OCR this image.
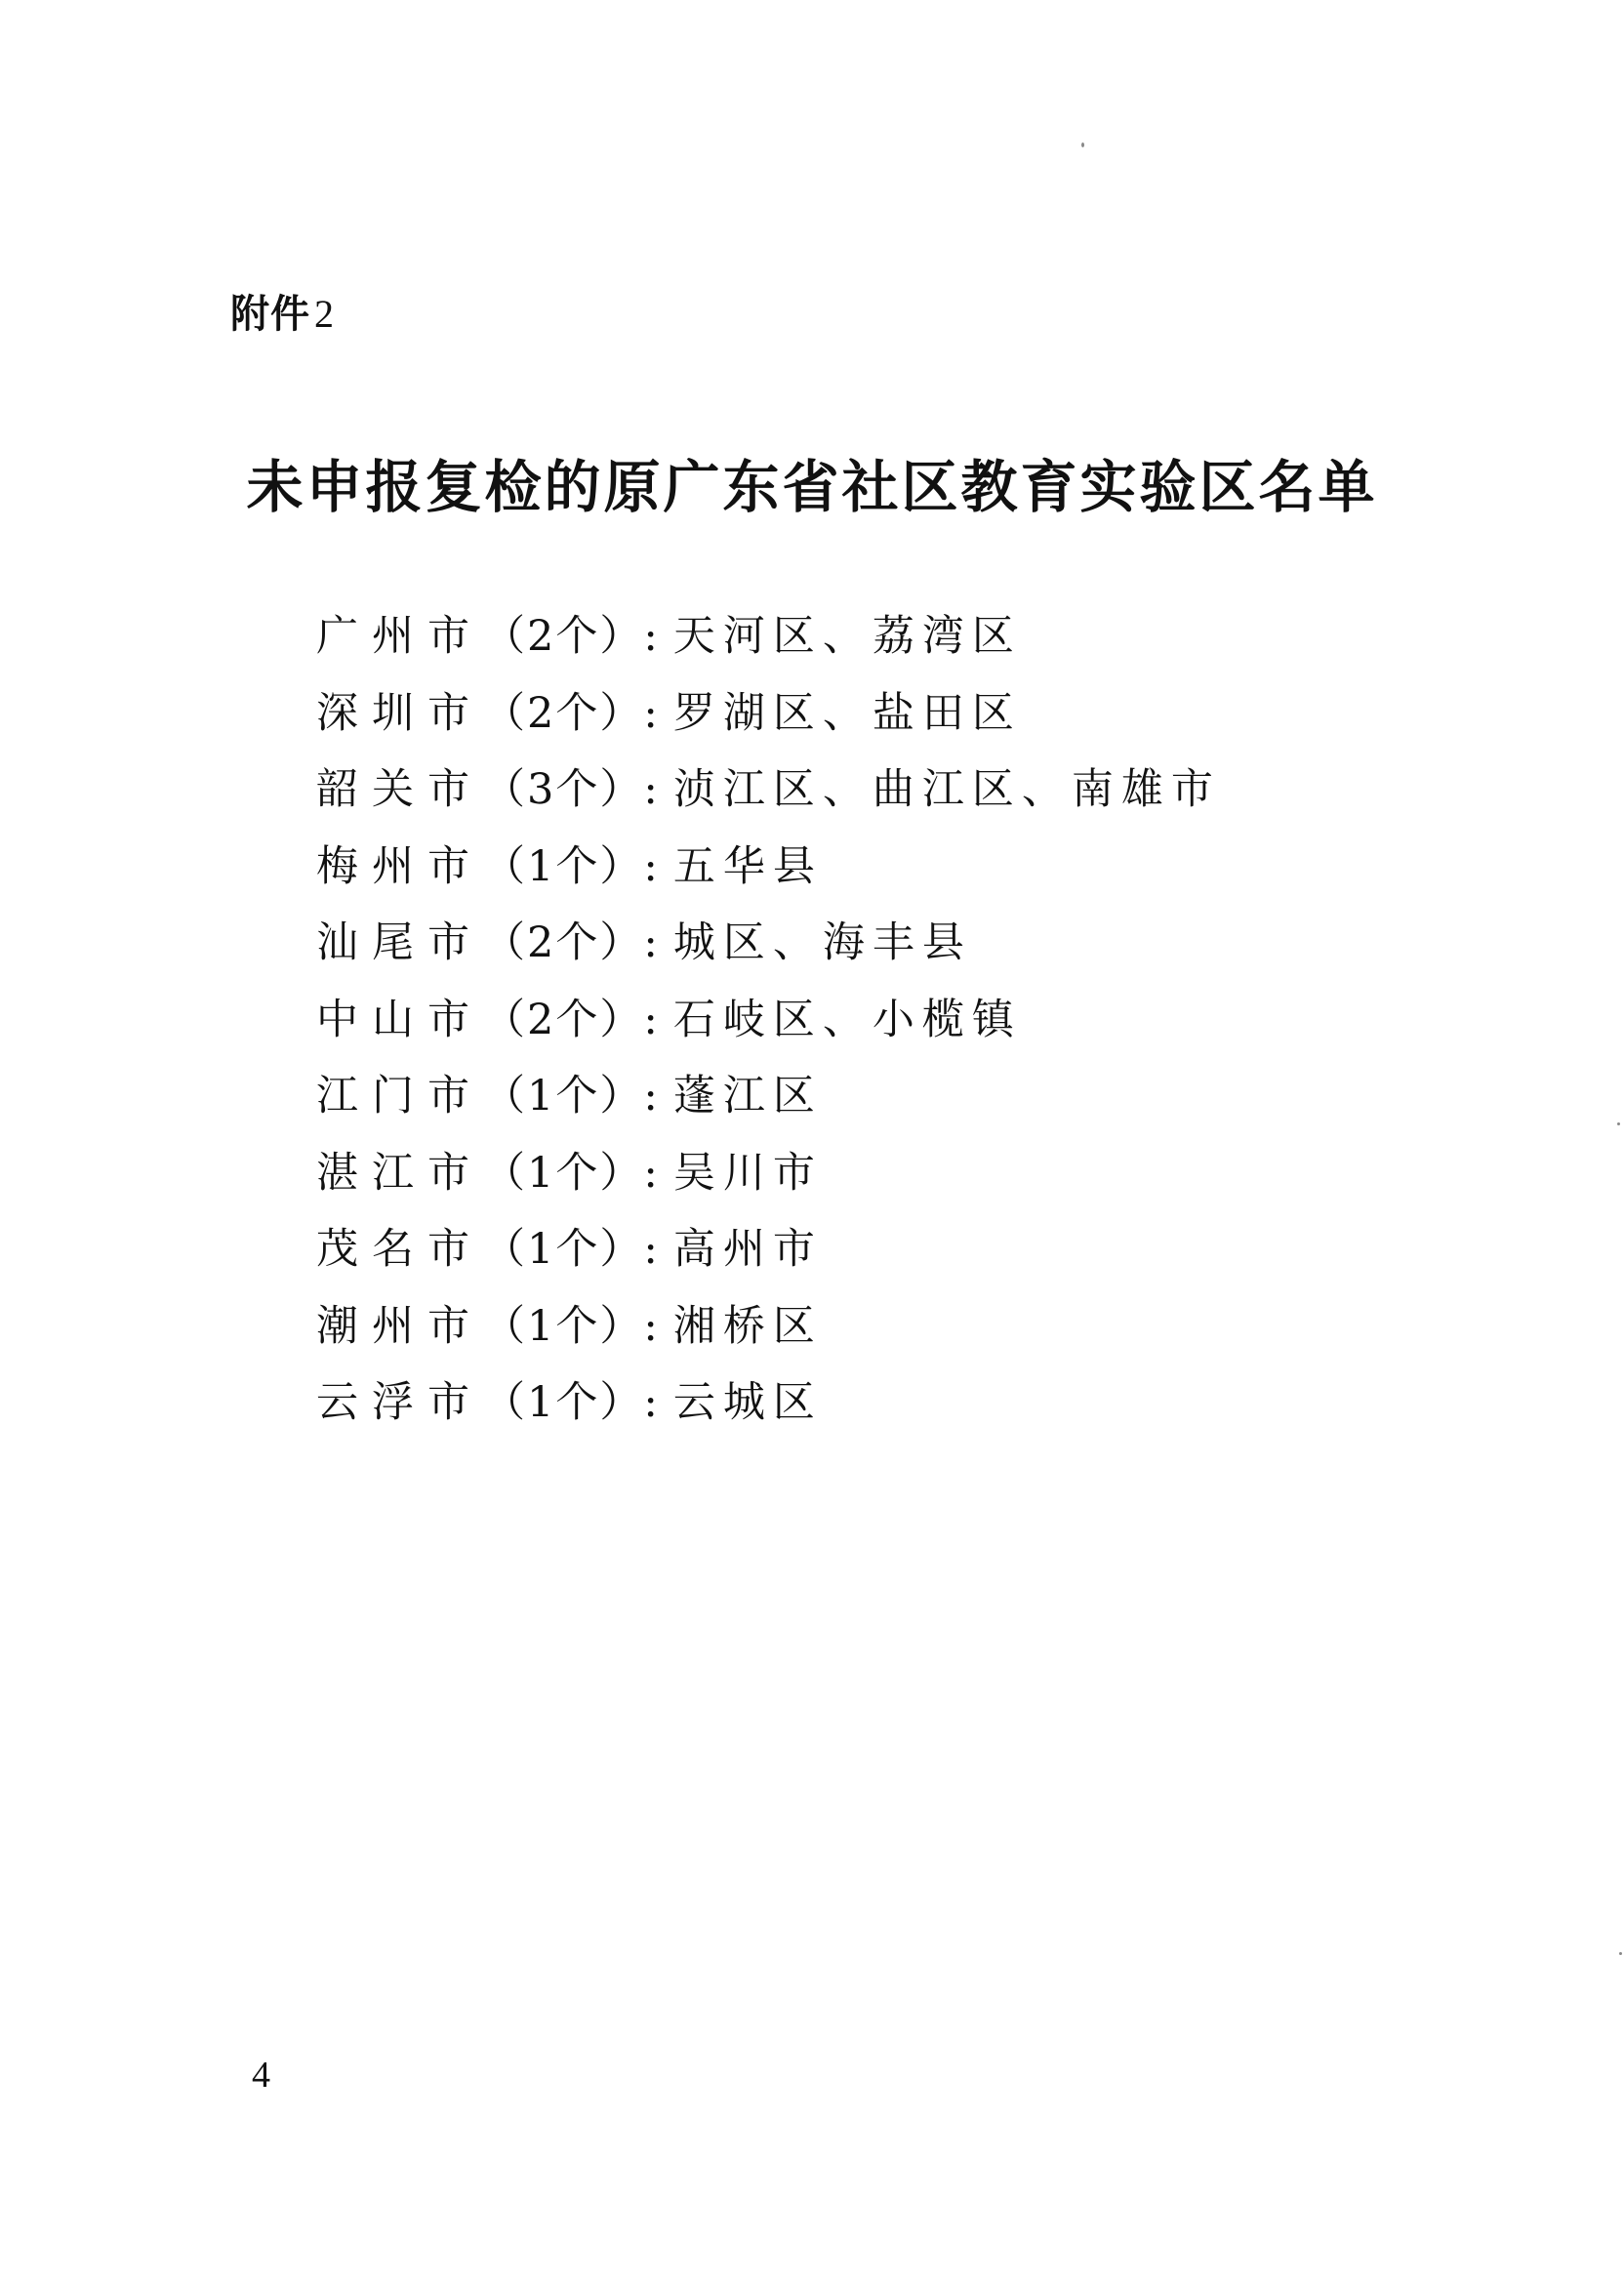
附件 2
未申报复检的原广东省社区教育实验区名单
广州市（2个）: 天河区、荔湾区
深圳市（2个）: 罗湖区、盐田区
韶关市（3个）: 浈江区、曲江区、南雄市
梅州市（1个）: 五华县
汕尾市（2个）: 城区、海丰县
中山市（2个）: 石岐区、小榄镇
江门市（1个）: 蓬江区
湛江市（1个）: 吴川市
茂名市（1个）: 高州市
潮州市（1个）: 湘桥区
云浮市（1个）: 云城区
4
